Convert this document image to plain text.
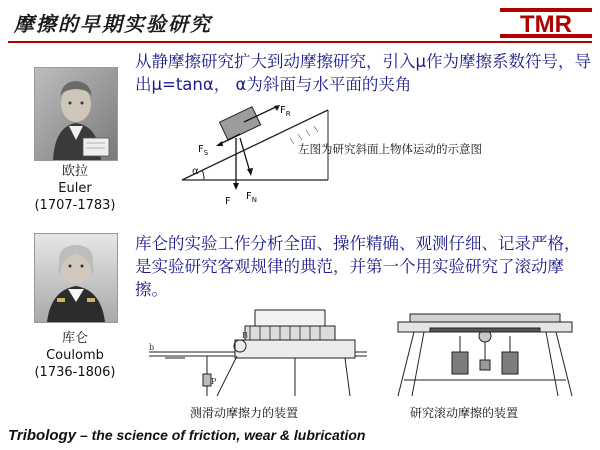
摩擦的早期实验研究	TMR
从静摩擦研究扩大到动摩擦研究，引入μ作为摩擦系数符号，导出μ=tanα， α为斜面与水平面的夹角
欧拉
Euler
(1707-1783)
$F_R$
$F_S$
α
F $F_N$
左图为研究斜面上物体运动的示意图
库仑的实验工作分析全面、操作精确、观测仔细、记录严格，是实验研究客观规律的典范，并第一个用实验研究了滚动摩擦。
库仑
Coulomb
(1736-1806)
b
B
P
测滑动摩擦力的装置	研究滚动摩擦的装置
Tribology – the science of friction, wear & lubrication
